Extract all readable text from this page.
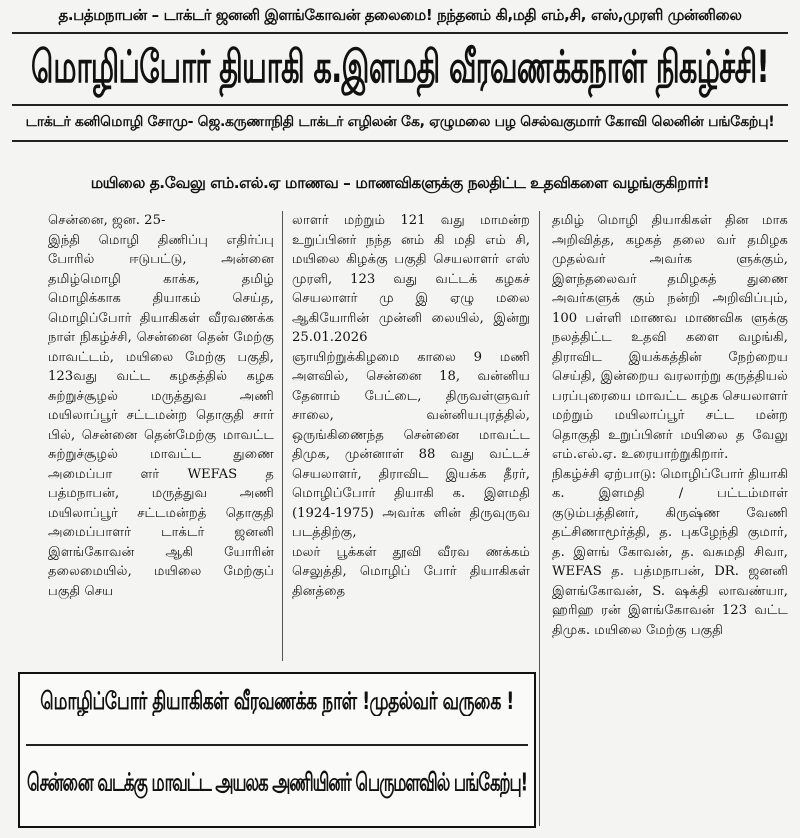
த.பத்மநாபன் – டாக்டர் ஜனனி இளங்கோவன் தலைமை! நந்தனம் கி,மதி எம்,சி, எஸ்,முரளி முன்னிலை
மொழிப்போர் தியாகி க.இளமதி வீரவணக்கநாள் நிகழ்ச்சி!
டாக்டர் கனிமொழி சோமு- ஜெ.கருணாநிதி டாக்டர் எழிலன் கே, ஏழுமலை பழ செல்வகுமார் கோவி லெனின் பங்கேற்பு!
மயிலை த.வேலு எம்.எல்.ஏ மாணவ – மாணவிகளுக்கு நலதிட்ட உதவிகளை வழங்குகிறார்!
சென்னை, ஜன. 25-
இந்தி மொழி திணிப்பு எதிர்ப்பு போரில் ஈடுபட்டு, அன்னை தமிழ்மொழி காக்க, தமிழ் மொழிக்காக தியாகம் செய்த, மொழிப்போர் தியாகிகள் வீரவணக்க நாள் நிகழ்ச்சி, சென்னை தென் மேற்கு மாவட்டம், மயிலை மேற்கு பகுதி, 123வது வட்ட கழகத்தில் கழக சுற்றுச்சூழல் மருத்துவ அணி மயிலாப்பூர் சட்டமன்ற தொகுதி சார் பில், சென்னை தென்மேற்கு மாவட்ட சுற்றுச்சூழல் மாவட்ட துணை அமைப்பா ளர் WEFAS த பத்மநாபன், மருத்துவ அணி மயிலாப்பூர் சட்டமன்றத் தொகுதி அமைப்பாளர் டாக்டர் ஜனனி இளங்கோவன் ஆகி யோரின் தலைமையில், மயிலை மேற்குப் பகுதி செய
லாளர் மற்றும் 121 வது மாமன்ற உறுப்பினர் நந்த னம் கி மதி எம் சி, மயிலை கிழக்கு பகுதி செயலாளர் எஸ் முரளி, 123 வது வட்டக் கழகச் செயலாளர் மு இ ஏழு மலை ஆகியோரின் முன்னி லையில், இன்று 25.01.2026
ஞாயிற்றுக்கிழமை காலை 9 மணி அளவில், சென்னை 18, வன்னிய தேனாம் பேட்டை, திருவள்ளுவர் சாலை, வன்னியபுரத்தில், ஒருங்கிணைந்த சென்னை மாவட்ட திமுக, முன்னாள் 88 வது வட்டச் செயலாளர், திராவிட இயக்க தீரர், மொழிப்போர் தியாகி க. இளமதி (1924-1975) அவர்க ளின் திருவுருவ படத்திற்கு,
மலர் பூக்கள் தூவி வீரவ ணக்கம் செலுத்தி, மொழிப் போர் தியாகிகள் தினத்தை
தமிழ் மொழி தியாகிகள் தின மாக அறிவித்த, கழகத் தலை வர் தமிழக முதல்வர் அவர்க ளுக்கும், இளந்தலைவர் தமிழகத் துணை அவர்களுக் கும் நன்றி அறிவிப்பும், 100 பள்ளி மாணவ மாணவிக ளுக்கு நலத்திட்ட உதவி களை வழங்கி, திராவிட இயக்கத்தின் நேற்றைய செய்தி, இன்றைய வரலாற்று கருத்தியல் பரப்புரையை மாவட்ட கழக செயலாளர் மற்றும் மயிலாப்பூர் சட்ட மன்ற தொகுதி உறுப்பினர் மயிலை த வேலு எம்.எல்.ஏ. உரையாற்றுகிறார்.
நிகழ்ச்சி ஏற்பாடு: மொழிப்போர் தியாகி க. இளமதி / பட்டம்மாள் குடும்பத்தினர், கிருஷ்ண வேணி தட்சிணாமூர்த்தி, த. புகழேந்தி குமார், த. இளங் கோவன், த. வசுமதி சிவா, WEFAS த. பத்மநாபன், DR. ஜனனி இளங்கோவன், S. ஷக்தி லாவண்யா, ஹரிஹ ரன் இளங்கோவன் 123 வட்ட திமுக. மயிலை மேற்கு பகுதி
மொழிப்போர் தியாகிகள் வீரவணக்க நாள் !முதல்வர் வருகை !
சென்னை வடக்கு மாவட்ட அயலக அணியினர் பெருமளவில் பங்கேற்பு!
